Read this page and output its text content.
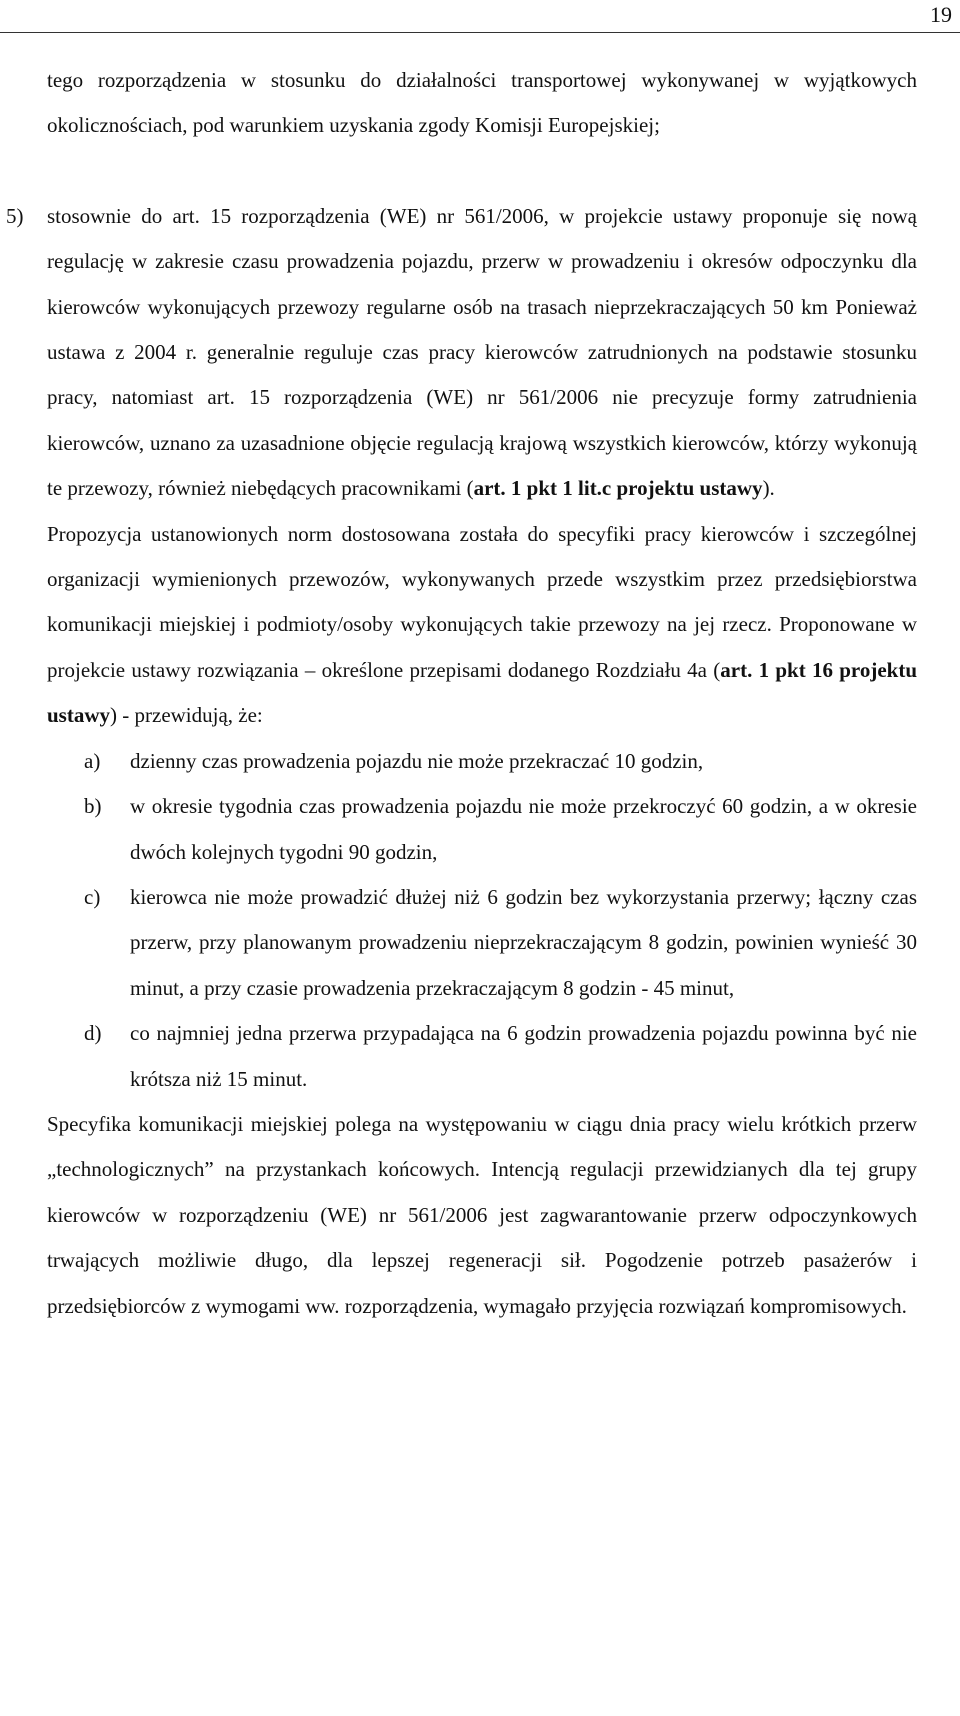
19

tego rozporządzenia w stosunku do działalności transportowej wykonywanej w wyjątkowych okolicznościach, pod warunkiem uzyskania zgody Komisji Europejskiej;

5) stosownie do art. 15 rozporządzenia (WE) nr 561/2006, w projekcie ustawy proponuje się nową regulację w zakresie czasu prowadzenia pojazdu, przerw w prowadzeniu i okresów odpoczynku dla kierowców wykonujących przewozy regularne osób na trasach nieprzekraczających 50 km Ponieważ ustawa z 2004 r. generalnie reguluje czas pracy kierowców zatrudnionych na podstawie stosunku pracy, natomiast art. 15 rozporządzenia (WE) nr 561/2006 nie precyzuje formy zatrudnienia kierowców, uznano za uzasadnione objęcie regulacją krajową wszystkich kierowców, którzy wykonują te przewozy, również niebędących pracownikami (art. 1 pkt 1 lit.c projektu ustawy).

Propozycja ustanowionych norm dostosowana została do specyfiki pracy kierowców i szczególnej organizacji wymienionych przewozów, wykonywanych przede wszystkim przez przedsiębiorstwa komunikacji miejskiej i podmioty/osoby wykonujących takie przewozy na jej rzecz. Proponowane w projekcie ustawy rozwiązania – określone przepisami dodanego Rozdziału 4a (art. 1 pkt 16 projektu ustawy) - przewidują, że:

a) dzienny czas prowadzenia pojazdu nie może przekraczać 10 godzin,
b) w okresie tygodnia czas prowadzenia pojazdu nie może przekroczyć 60 godzin, a w okresie dwóch kolejnych tygodni 90 godzin,
c) kierowca nie może prowadzić dłużej niż 6 godzin bez wykorzystania przerwy; łączny czas przerw, przy planowanym prowadzeniu nieprzekraczającym 8 godzin, powinien wynieść 30 minut, a przy czasie prowadzenia przekraczającym 8 godzin - 45 minut,
d) co najmniej jedna przerwa przypadająca na 6 godzin prowadzenia pojazdu powinna być nie krótsza niż 15 minut.

Specyfika komunikacji miejskiej polega na występowaniu w ciągu dnia pracy wielu krótkich przerw „technologicznych” na przystankach końcowych. Intencją regulacji przewidzianych dla tej grupy kierowców w rozporządzeniu (WE) nr 561/2006 jest zagwarantowanie przerw odpoczynkowych trwających możliwie długo, dla lepszej regeneracji sił. Pogodzenie potrzeb pasażerów i przedsiębiorców z wymogami ww. rozporządzenia, wymagało przyjęcia rozwiązań kompromisowych.
